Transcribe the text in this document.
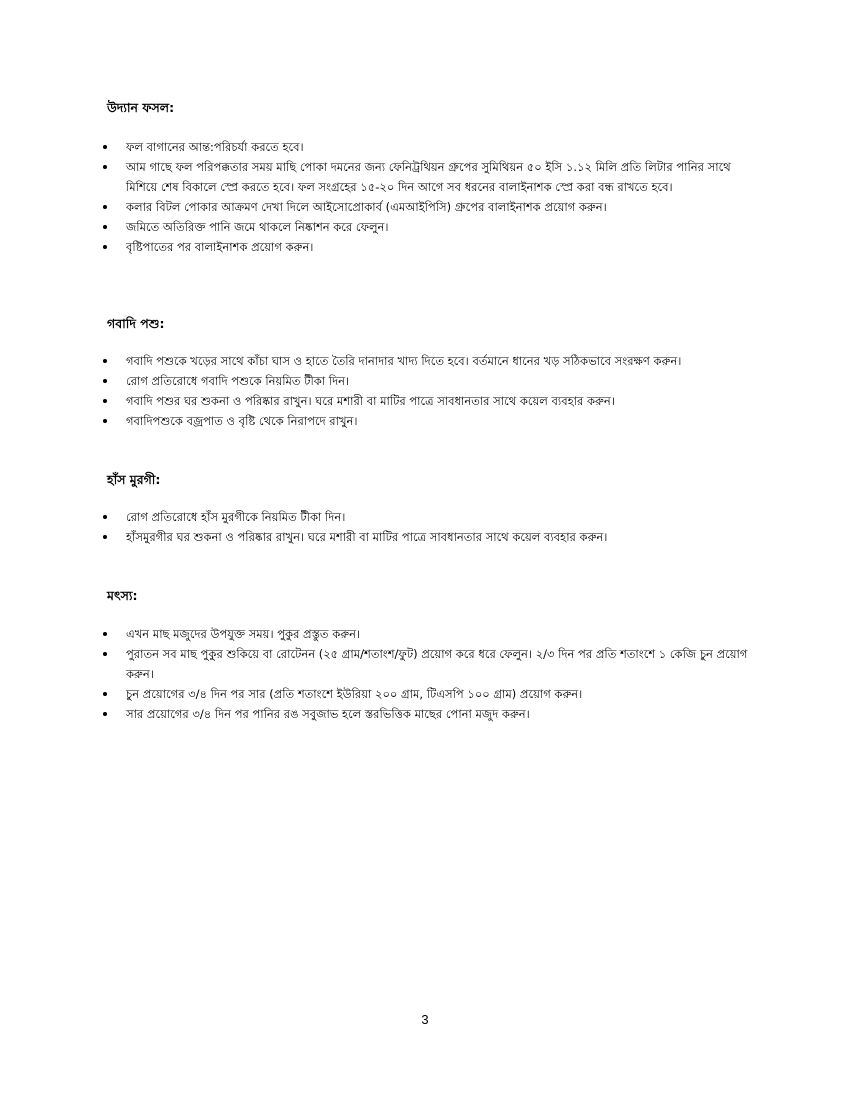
উদ্যান ফসল:
ফল বাগানের আন্ত:পরিচর্যা করতে হবে।
আম গাছে ফল পরিপক্কতার সময় মাছি পোকা দমনের জন্য ফেনিট্রথিয়ন গ্রুপের সুমিথিয়ন ৫০ ইসি ১.১২ মিলি প্রতি লিটার পানির সাথে মিশিয়ে শেষ বিকালে স্প্রে করতে হবে। ফল সংগ্রহের ১৫-২০ দিন আগে সব ধরনের বালাইনাশক স্প্রে করা বন্ধ রাখতে হবে।
কলার বিটল পোকার আক্রমণ দেখা দিলে আইসোপ্রোকার্ব (এমআইপিসি) গ্রুপের বালাইনাশক প্রয়োগ করুন।
জমিতে অতিরিক্ত পানি জমে থাকলে নিষ্কাশন করে ফেলুন।
বৃষ্টিপাতের পর বালাইনাশক প্রয়োগ করুন।
গবাদি পশু:
গবাদি পশুকে খড়ের সাথে কাঁচা ঘাস ও হাতে তৈরি দানাদার খাদ্য দিতে হবে। বর্তমানে ধানের খড় সঠিকভাবে সংরক্ষণ করুন।
রোগ প্রতিরোধে গবাদি পশুকে নিয়মিত টীকা দিন।
গবাদি পশুর ঘর শুকনা ও পরিষ্কার রাখুন। ঘরে মশারী বা মাটির পাত্রে সাবধানতার সাথে কয়েল ব্যবহার করুন।
গবাদিপশুকে বজ্রপাত ও বৃষ্টি থেকে নিরাপদে রাখুন।
হাঁস মুরগী:
রোগ প্রতিরোধে হাঁস মুরগীকে নিয়মিত টীকা দিন।
হাঁসমুরগীর ঘর শুকনা ও পরিষ্কার রাখুন। ঘরে মশারী বা মাটির পাত্রে সাবধানতার সাথে কয়েল ব্যবহার করুন।
মৎস্য:
এখন মাছ মজুদের উপযুক্ত সময়। পুকুর প্রস্তুত করুন।
পুরাতন সব মাছ পুকুর শুকিয়ে বা রোটেনন (২৫ গ্রাম/শতাংশ/ফুট) প্রয়োগ করে ধরে ফেলুন। ২/৩ দিন পর প্রতি শতাংশে ১ কেজি চুন প্রয়োগ করুন।
চুন প্রয়োগের ৩/৪ দিন পর সার (প্রতি শতাংশে ইউরিয়া ২০০ গ্রাম, টিএসপি ১০০ গ্রাম) প্রয়োগ করুন।
সার প্রয়োগের ৩/৪ দিন পর পানির রঙ সবুজাভ হলে স্তরভিত্তিক মাছের পোনা মজুদ করুন।
3
